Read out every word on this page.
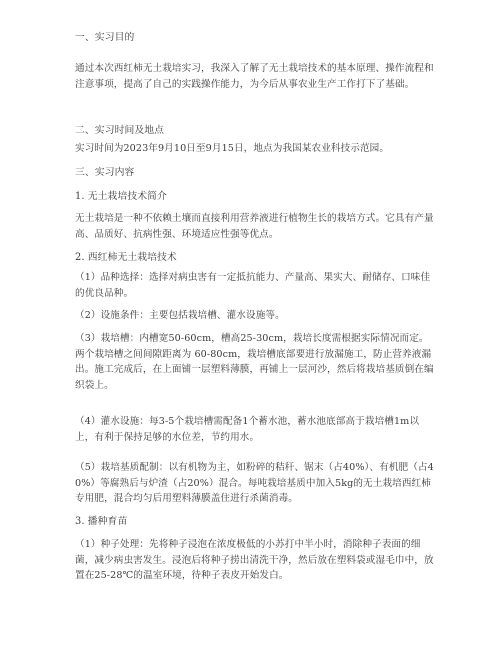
一、实习目的
通过本次西红柿无土栽培实习，我深入了解了无土栽培技术的基本原理、操作流程和注意事项，提高了自己的实践操作能力，为今后从事农业生产工作打下了基础。
二、实习时间及地点
实习时间为2023年9月10日至9月15日，地点为我国某农业科技示范园。
三、实习内容
1. 无土栽培技术简介
无土栽培是一种不依赖土壤而直接利用营养液进行植物生长的栽培方式。它具有产量高、品质好、抗病性强、环境适应性强等优点。
2. 西红柿无土栽培技术
（1）品种选择：选择对病虫害有一定抵抗能力、产量高、果实大、耐储存、口味佳的优良品种。
（2）设施条件：主要包括栽培槽、灌水设施等。
（3）栽培槽：内槽宽50-60cm，槽高25-30cm，栽培长度需根据实际情况而定。两个栽培槽之间间隙距离为 60-80cm，栽培槽底部要进行放漏施工，防止营养液漏出。施工完成后，在上面铺一层塑料薄膜，再铺上一层河沙，然后将栽培基质倒在编织袋上。
（4）灌水设施：每3-5个栽培槽需配备1个蓄水池，蓄水池底部高于栽培槽1m以上，有利于保持足够的水位差，节约用水。
（5）栽培基质配制：以有机物为主，如粉碎的秸秆、锯末（占40%）、有机肥（占40%）等腐熟后与炉渣（占20%）混合。每吨栽培基质中加入5kg的无土栽培西红柿专用肥，混合均匀后用塑料薄膜盖住进行杀菌消毒。
3. 播种育苗
（1）种子处理：先将种子浸泡在浓度极低的小苏打中半小时，消除种子表面的细菌，减少病虫害发生。浸泡后将种子捞出清洗干净，然后放在塑料袋或湿毛巾中，放置在25-28℃的温室环境，待种子表皮开始发白。
